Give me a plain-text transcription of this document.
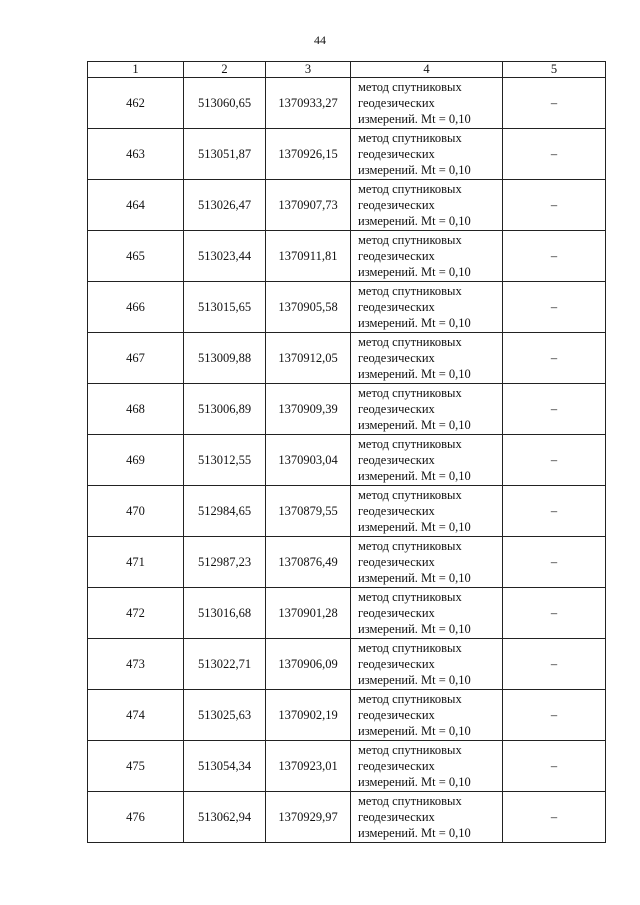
44
1	2	3	4	5
462	513060,65	1370933,27	метод спутниковых
геодезических
измерений. Mt = 0,10	–
463	513051,87	1370926,15	метод спутниковых
геодезических
измерений. Mt = 0,10	–
464	513026,47	1370907,73	метод спутниковых
геодезических
измерений. Mt = 0,10	–
465	513023,44	1370911,81	метод спутниковых
геодезических
измерений. Mt = 0,10	–
466	513015,65	1370905,58	метод спутниковых
геодезических
измерений. Mt = 0,10	–
467	513009,88	1370912,05	метод спутниковых
геодезических
измерений. Mt = 0,10	–
468	513006,89	1370909,39	метод спутниковых
геодезических
измерений. Mt = 0,10	–
469	513012,55	1370903,04	метод спутниковых
геодезических
измерений. Mt = 0,10	–
470	512984,65	1370879,55	метод спутниковых
геодезических
измерений. Mt = 0,10	–
471	512987,23	1370876,49	метод спутниковых
геодезических
измерений. Mt = 0,10	–
472	513016,68	1370901,28	метод спутниковых
геодезических
измерений. Mt = 0,10	–
473	513022,71	1370906,09	метод спутниковых
геодезических
измерений. Mt = 0,10	–
474	513025,63	1370902,19	метод спутниковых
геодезических
измерений. Mt = 0,10	–
475	513054,34	1370923,01	метод спутниковых
геодезических
измерений. Mt = 0,10	–
476	513062,94	1370929,97	метод спутниковых
геодезических
измерений. Mt = 0,10	–
